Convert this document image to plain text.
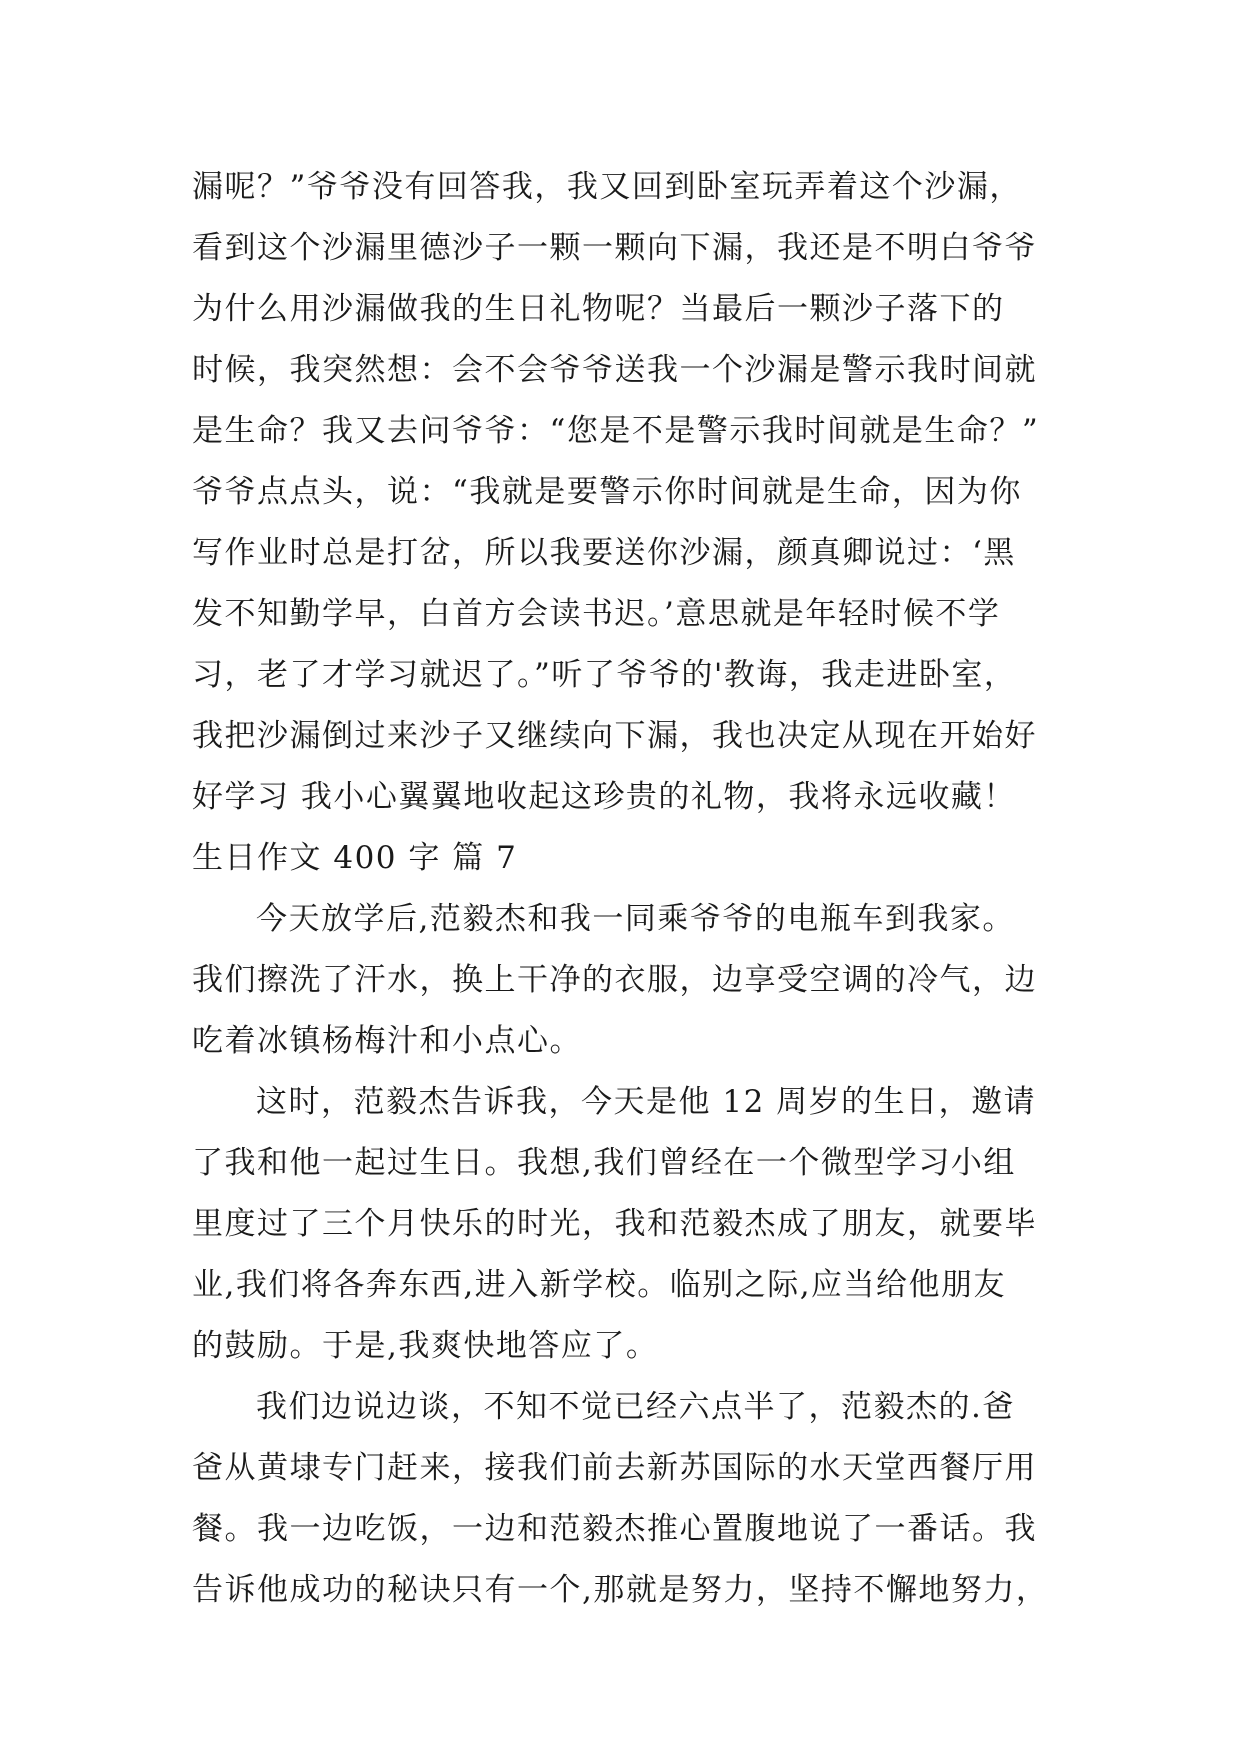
漏呢？”爷爷没有回答我，我又回到卧室玩弄着这个沙漏，
看到这个沙漏里德沙子一颗一颗向下漏，我还是不明白爷爷
为什么用沙漏做我的生日礼物呢？当最后一颗沙子落下的
时候，我突然想：会不会爷爷送我一个沙漏是警示我时间就
是生命？我又去问爷爷：“您是不是警示我时间就是生命？”
爷爷点点头，说：“我就是要警示你时间就是生命，因为你
写作业时总是打岔，所以我要送你沙漏，颜真卿说过：‘黑
发不知勤学早，白首方会读书迟。’意思就是年轻时候不学
习，老了才学习就迟了。”听了爷爷的'教诲，我走进卧室，
我把沙漏倒过来沙子又继续向下漏，我也决定从现在开始好
好学习 我小心翼翼地收起这珍贵的礼物，我将永远收藏！
生日作文 400 字 篇 7
今天放学后,范毅杰和我一同乘爷爷的电瓶车到我家。
我们擦洗了汗水，换上干净的衣服，边享受空调的冷气，边
吃着冰镇杨梅汁和小点心。
这时，范毅杰告诉我，今天是他 12 周岁的生日，邀请
了我和他一起过生日。我想,我们曾经在一个微型学习小组
里度过了三个月快乐的时光，我和范毅杰成了朋友，就要毕
业,我们将各奔东西,进入新学校。临别之际,应当给他朋友
的鼓励。于是,我爽快地答应了。
我们边说边谈，不知不觉已经六点半了，范毅杰的.爸
爸从黄埭专门赶来，接我们前去新苏国际的水天堂西餐厅用
餐。我一边吃饭，一边和范毅杰推心置腹地说了一番话。我
告诉他成功的秘诀只有一个,那就是努力，坚持不懈地努力，
